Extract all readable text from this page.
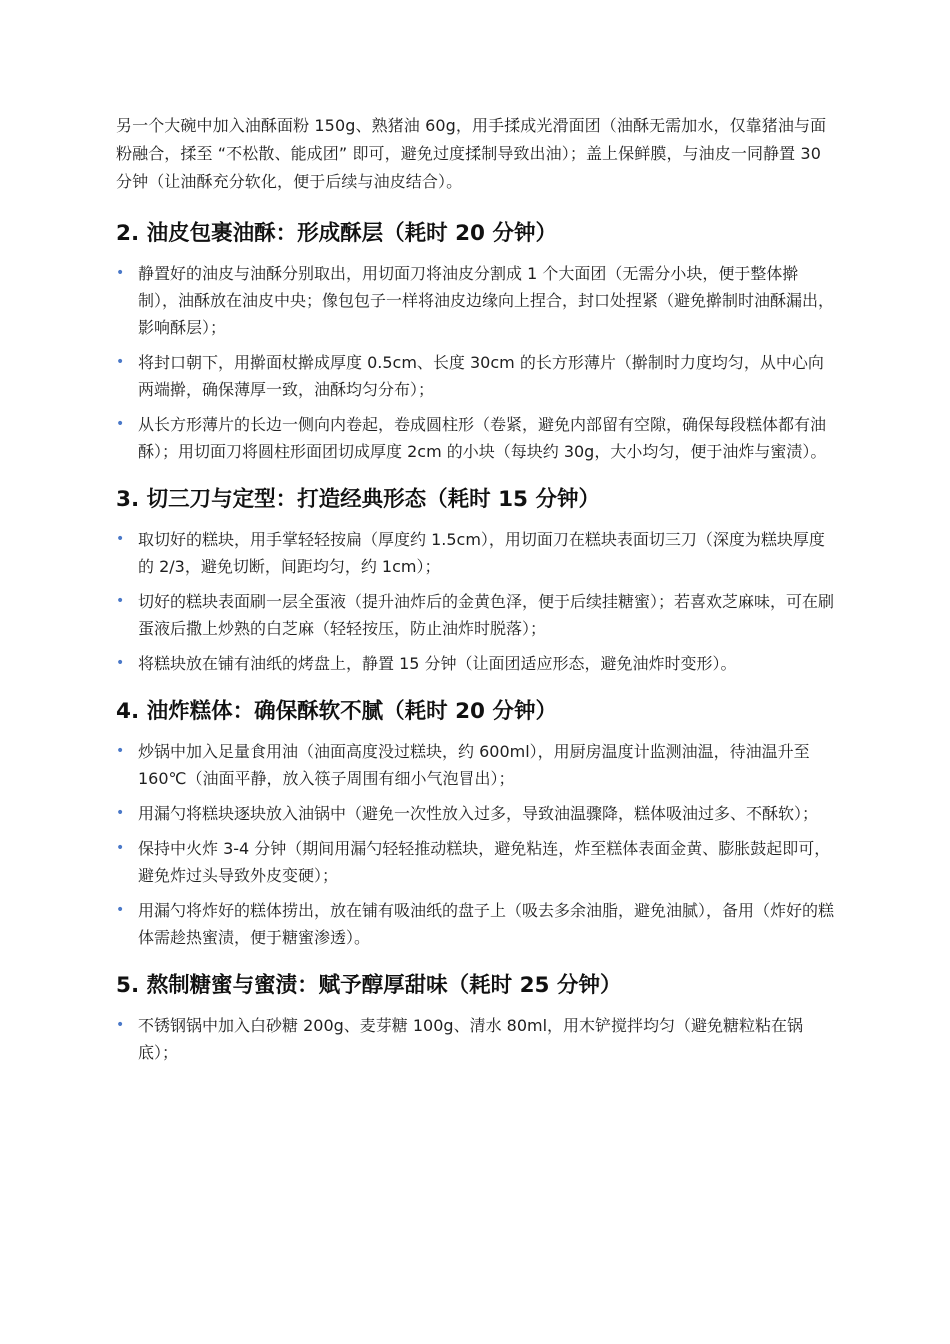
另一个大碗中加入油酥面粉 150g、熟猪油 60g，用手揉成光滑面团（油酥无需加水，仅靠猪油与面粉融合，揉至 “不松散、能成团” 即可，避免过度揉制导致出油）；盖上保鲜膜，与油皮一同静置 30 分钟（让油酥充分软化，便于后续与油皮结合）。

2. 油皮包裹油酥：形成酥层（耗时 20 分钟）
• 静置好的油皮与油酥分别取出，用切面刀将油皮分割成 1 个大面团（无需分小块，便于整体擀制），油酥放在油皮中央；像包包子一样将油皮边缘向上捏合，封口处捏紧（避免擀制时油酥漏出，影响酥层）；
• 将封口朝下，用擀面杖擀成厚度 0.5cm、长度 30cm 的长方形薄片（擀制时力度均匀，从中心向两端擀，确保薄厚一致，油酥均匀分布）；
• 从长方形薄片的长边一侧向内卷起，卷成圆柱形（卷紧，避免内部留有空隙，确保每段糕体都有油酥）；用切面刀将圆柱形面团切成厚度 2cm 的小块（每块约 30g，大小均匀，便于油炸与蜜渍）。
3. 切三刀与定型：打造经典形态（耗时 15 分钟）
• 取切好的糕块，用手掌轻轻按扁（厚度约 1.5cm），用切面刀在糕块表面切三刀（深度为糕块厚度的 2/3，避免切断，间距均匀，约 1cm）；
• 切好的糕块表面刷一层全蛋液（提升油炸后的金黄色泽，便于后续挂糖蜜）；若喜欢芝麻味，可在刷蛋液后撒上炒熟的白芝麻（轻轻按压，防止油炸时脱落）；
• 将糕块放在铺有油纸的烤盘上，静置 15 分钟（让面团适应形态，避免油炸时变形）。
4. 油炸糕体：确保酥软不腻（耗时 20 分钟）
• 炒锅中加入足量食用油（油面高度没过糕块，约 600ml），用厨房温度计监测油温，待油温升至 160℃（油面平静，放入筷子周围有细小气泡冒出）；
• 用漏勺将糕块逐块放入油锅中（避免一次性放入过多，导致油温骤降，糕体吸油过多、不酥软）；
• 保持中火炸 3-4 分钟（期间用漏勺轻轻推动糕块，避免粘连，炸至糕体表面金黄、膨胀鼓起即可，避免炸过头导致外皮变硬）；
• 用漏勺将炸好的糕体捞出，放在铺有吸油纸的盘子上（吸去多余油脂，避免油腻），备用（炸好的糕体需趁热蜜渍，便于糖蜜渗透）。
5. 熬制糖蜜与蜜渍：赋予醇厚甜味（耗时 25 分钟）
• 不锈钢锅中加入白砂糖 200g、麦芽糖 100g、清水 80ml，用木铲搅拌均匀（避免糖粒粘在锅底）；
